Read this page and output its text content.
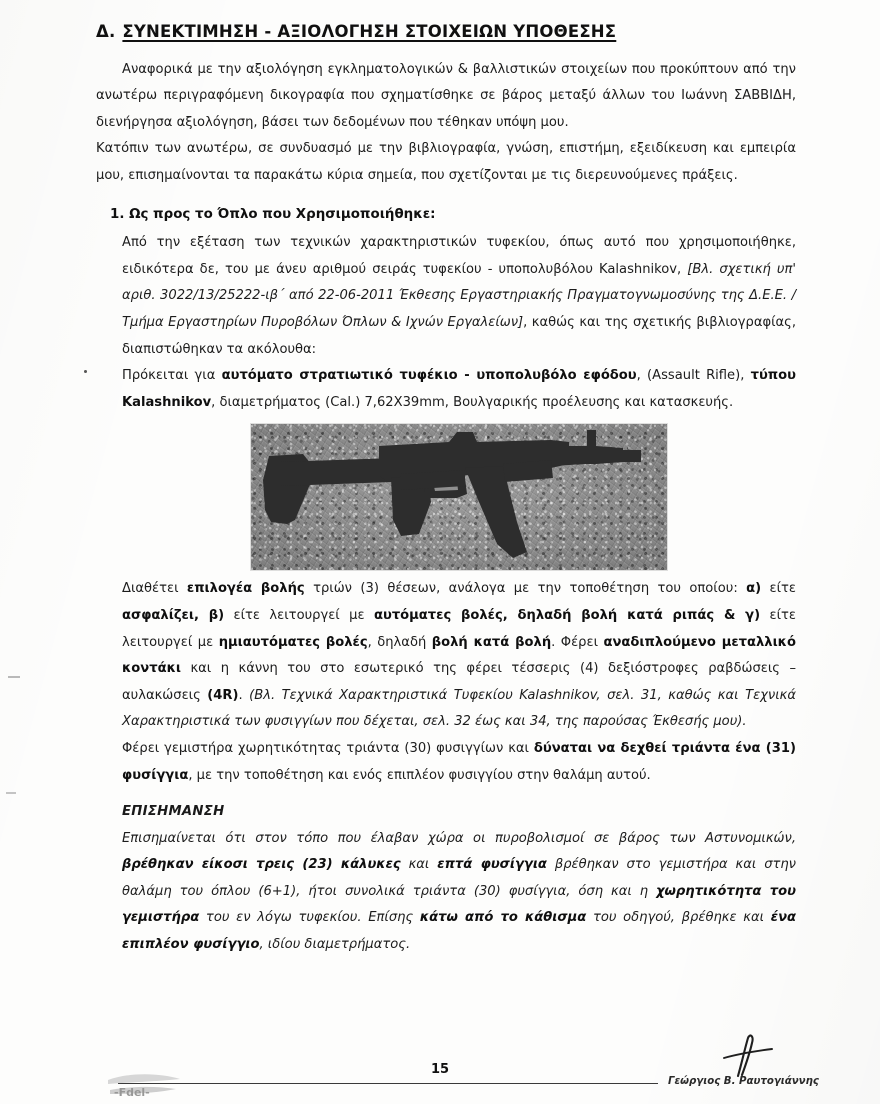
Δ. ΣΥΝΕΚΤΙΜΗΣΗ - ΑΞΙΟΛΟΓΗΣΗ ΣΤΟΙΧΕΙΩΝ ΥΠΟΘΕΣΗΣ

Αναφορικά με την αξιολόγηση εγκληματολογικών & βαλλιστικών στοιχείων που προκύπτουν από την ανωτέρω περιγραφόμενη δικογραφία που σχηματίσθηκε σε βάρος μεταξύ άλλων του Ιωάννη ΣΑΒΒΙΔΗ, διενήργησα αξιολόγηση, βάσει των δεδομένων που τέθηκαν υπόψη μου.

Κατόπιν των ανωτέρω, σε συνδυασμό με την βιβλιογραφία, γνώση, επιστήμη, εξειδίκευση και εμπειρία μου, επισημαίνονται τα παρακάτω κύρια σημεία, που σχετίζονται με τις διερευνούμενες πράξεις.

1. Ως προς το Όπλο που Χρησιμοποιήθηκε:

Από την εξέταση των τεχνικών χαρακτηριστικών τυφεκίου, όπως αυτό που χρησιμοποιήθηκε, ειδικότερα δε, του με άνευ αριθμού σειράς τυφεκίου - υποπολυβόλου Kalashnikov, [Βλ. σχετική υπ' αριθ. 3022/13/25222-ιβ΄ από 22-06-2011 Έκθεσης Εργαστηριακής Πραγματογνωμοσύνης της Δ.Ε.Ε. / Τμήμα Εργαστηρίων Πυροβόλων Όπλων & Ιχνών Εργαλείων], καθώς και της σχετικής βιβλιογραφίας, διαπιστώθηκαν τα ακόλουθα:

Πρόκειται για αυτόματο στρατιωτικό τυφέκιο - υποπολυβόλο εφόδου, (Assault Rifle), τύπου Kalashnikov, διαμετρήματος (Cal.) 7,62Χ39mm, Βουλγαρικής προέλευσης και κατασκευής.

Διαθέτει επιλογέα βολής τριών (3) θέσεων, ανάλογα με την τοποθέτηση του οποίου: α) είτε ασφαλίζει, β) είτε λειτουργεί με αυτόματες βολές, δηλαδή βολή κατά ριπάς & γ) είτε λειτουργεί με ημιαυτόματες βολές, δηλαδή βολή κατά βολή. Φέρει αναδιπλούμενο μεταλλικό κοντάκι και η κάννη του στο εσωτερικό της φέρει τέσσερις (4) δεξιόστροφες ραβδώσεις – αυλακώσεις (4R). (Βλ. Τεχνικά Χαρακτηριστικά Τυφεκίου Kalashnikov, σελ. 31, καθώς και Τεχνικά Χαρακτηριστικά των φυσιγγίων που δέχεται, σελ. 32 έως και 34, της παρούσας Έκθεσής μου).

Φέρει γεμιστήρα χωρητικότητας τριάντα (30) φυσιγγίων και δύναται να δεχθεί τριάντα ένα (31) φυσίγγια, με την τοποθέτηση και ενός επιπλέον φυσιγγίου στην θαλάμη αυτού.

ΕΠΙΣΗΜΑΝΣΗ

Επισημαίνεται ότι στον τόπο που έλαβαν χώρα οι πυροβολισμοί σε βάρος των Αστυνομικών, βρέθηκαν είκοσι τρεις (23) κάλυκες και επτά φυσίγγια βρέθηκαν στο γεμιστήρα και στην θαλάμη του όπλου (6+1), ήτοι συνολικά τριάντα (30) φυσίγγια, όση και η χωρητικότητα του γεμιστήρα του εν λόγω τυφεκίου. Επίσης κάτω από το κάθισμα του οδηγού, βρέθηκε και ένα επιπλέον φυσίγγιο, ιδίου διαμετρήματος.

15
Γεώργιος Β. Ραυτογιάννης
-Fdel-
